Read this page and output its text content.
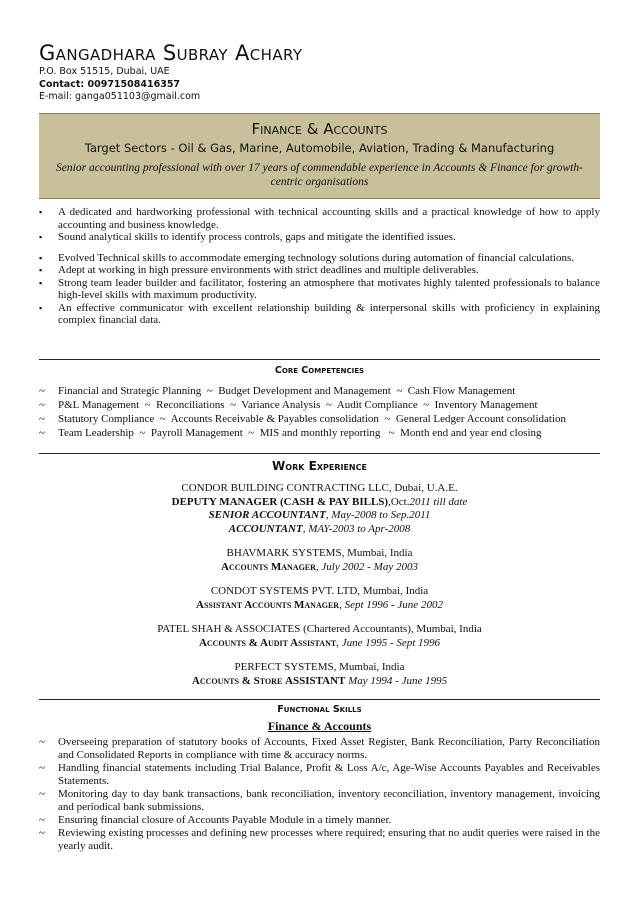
Gangadhara Subray Achary
P.O. Box 51515, Dubai, UAE
Contact: 00971508416357
E-mail: ganga051103@gmail.com
Finance & Accounts
Target Sectors - Oil & Gas, Marine, Automobile, Aviation, Trading & Manufacturing
Senior accounting professional with over 17 years of commendable experience in Accounts & Finance for growth-centric organisations
▪ A dedicated and hardworking professional with technical accounting skills and a practical knowledge of how to apply accounting and business knowledge.
▪ Sound analytical skills to identify process controls, gaps and mitigate the identified issues.
▪ Evolved Technical skills to accommodate emerging technology solutions during automation of financial calculations.
▪ Adept at working in high pressure environments with strict deadlines and multiple deliverables.
▪ Strong team leader builder and facilitator, fostering an atmosphere that motivates highly talented professionals to balance high-level skills with maximum productivity.
▪ An effective communicator with excellent relationship building & interpersonal skills with proficiency in explaining complex financial data.
Core Competencies
~ Financial and Strategic Planning  ~  Budget Development and Management  ~  Cash Flow Management
~ P&L Management  ~  Reconciliations  ~  Variance Analysis  ~  Audit Compliance  ~  Inventory Management
~ Statutory Compliance  ~  Accounts Receivable & Payables consolidation  ~  General Ledger Account consolidation
~ Team Leadership  ~  Payroll Management  ~  MIS and monthly reporting   ~  Month end and year end closing
Work Experience
CONDOR BUILDING CONTRACTING LLC, Dubai, U.A.E.
DEPUTY MANAGER (CASH & PAY BILLS),Oct.2011 till date
SENIOR ACCOUNTANT, May-2008 to Sep.2011
ACCOUNTANT, MAY-2003 to Apr-2008
BHAVMARK SYSTEMS, Mumbai, India
Accounts Manager, July 2002 - May 2003
CONDOT SYSTEMS PVT. LTD, Mumbai, India
Assistant Accounts Manager, Sept 1996 - June 2002
PATEL SHAH & ASSOCIATES (Chartered Accountants), Mumbai, India
Accounts & Audit Assistant, June 1995 - Sept 1996
PERFECT SYSTEMS, Mumbai, India
Accounts & Store ASSISTANT May 1994 - June 1995
Functional Skills
Finance & Accounts
~ Overseeing preparation of statutory books of Accounts, Fixed Asset Register, Bank Reconciliation, Party Reconciliation and Consolidated Reports in compliance with time & accuracy norms.
~ Handling financial statements including Trial Balance, Profit & Loss A/c, Age-Wise Accounts Payables and Receivables Statements.
~ Monitoring day to day bank transactions, bank reconciliation, inventory reconciliation, inventory management, invoicing and periodical bank submissions.
~ Ensuring financial closure of Accounts Payable Module in a timely manner.
~ Reviewing existing processes and defining new processes where required; ensuring that no audit queries were raised in the yearly audit.
